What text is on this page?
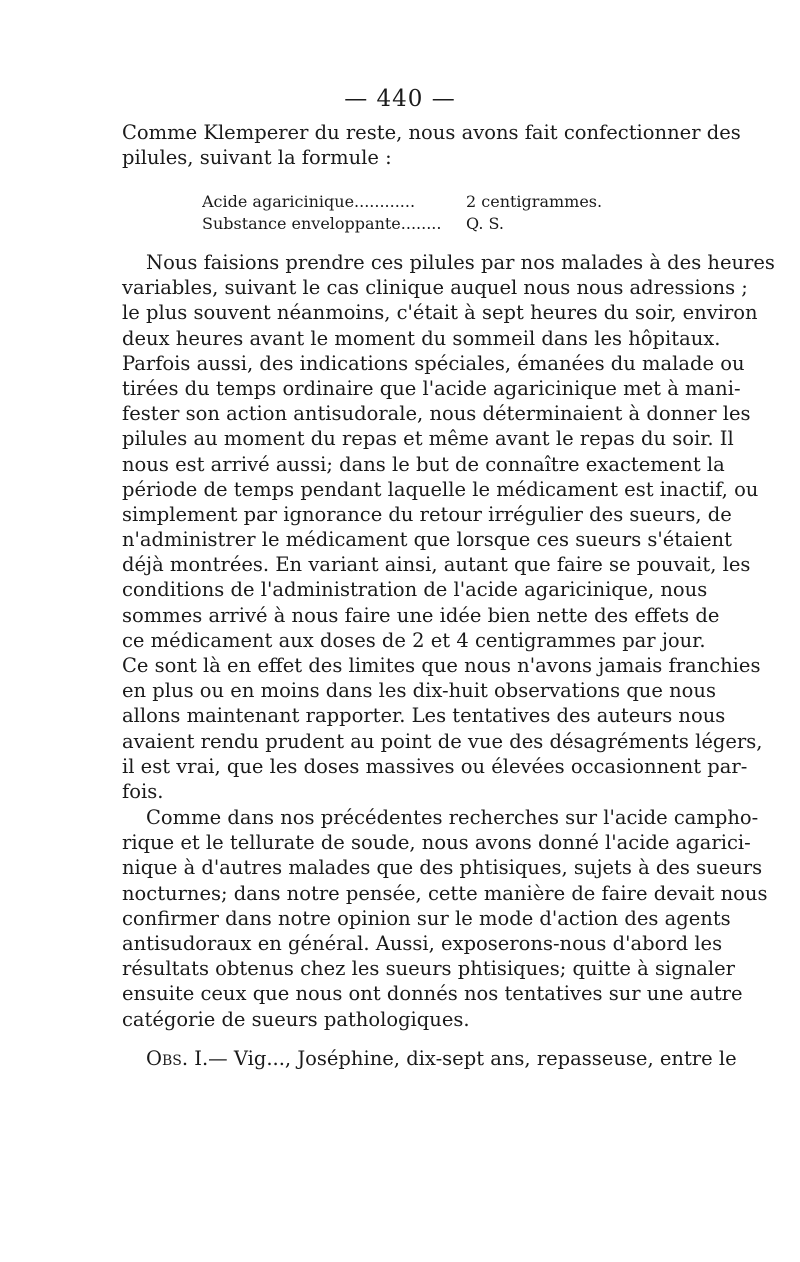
— 440 —
Comme Klemperer du reste, nous avons fait confectionner des
pilules, suivant la formule :
Acide agaricinique............	2 centigrammes.
Substance enveloppante........	Q. S.
Nous faisions prendre ces pilules par nos malades à des heures
variables, suivant le cas clinique auquel nous nous adressions ;
le plus souvent néanmoins, c'était à sept heures du soir, environ
deux heures avant le moment du sommeil dans les hôpitaux.
Parfois aussi, des indications spéciales, émanées du malade ou
tirées du temps ordinaire que l'acide agaricinique met à mani-
fester son action antisudorale, nous déterminaient à donner les
pilules au moment du repas et même avant le repas du soir. Il
nous est arrivé aussi; dans le but de connaître exactement la
période de temps pendant laquelle le médicament est inactif, ou
simplement par ignorance du retour irrégulier des sueurs, de
n'administrer le médicament que lorsque ces sueurs s'étaient
déjà montrées. En variant ainsi, autant que faire se pouvait, les
conditions de l'administration de l'acide agaricinique, nous
sommes arrivé à nous faire une idée bien nette des effets de
ce médicament aux doses de 2 et 4 centigrammes par jour.
Ce sont là en effet des limites que nous n'avons jamais franchies
en plus ou en moins dans les dix-huit observations que nous
allons maintenant rapporter. Les tentatives des auteurs nous
avaient rendu prudent au point de vue des désagréments légers,
il est vrai, que les doses massives ou élevées occasionnent par-
fois.
Comme dans nos précédentes recherches sur l'acide campho-
rique et le tellurate de soude, nous avons donné l'acide agarici-
nique à d'autres malades que des phtisiques, sujets à des sueurs
nocturnes; dans notre pensée, cette manière de faire devait nous
confirmer dans notre opinion sur le mode d'action des agents
antisudoraux en général. Aussi, exposerons-nous d'abord les
résultats obtenus chez les sueurs phtisiques; quitte à signaler
ensuite ceux que nous ont donnés nos tentatives sur une autre
catégorie de sueurs pathologiques.
Obs. I.— Vig..., Joséphine, dix-sept ans, repasseuse, entre le
